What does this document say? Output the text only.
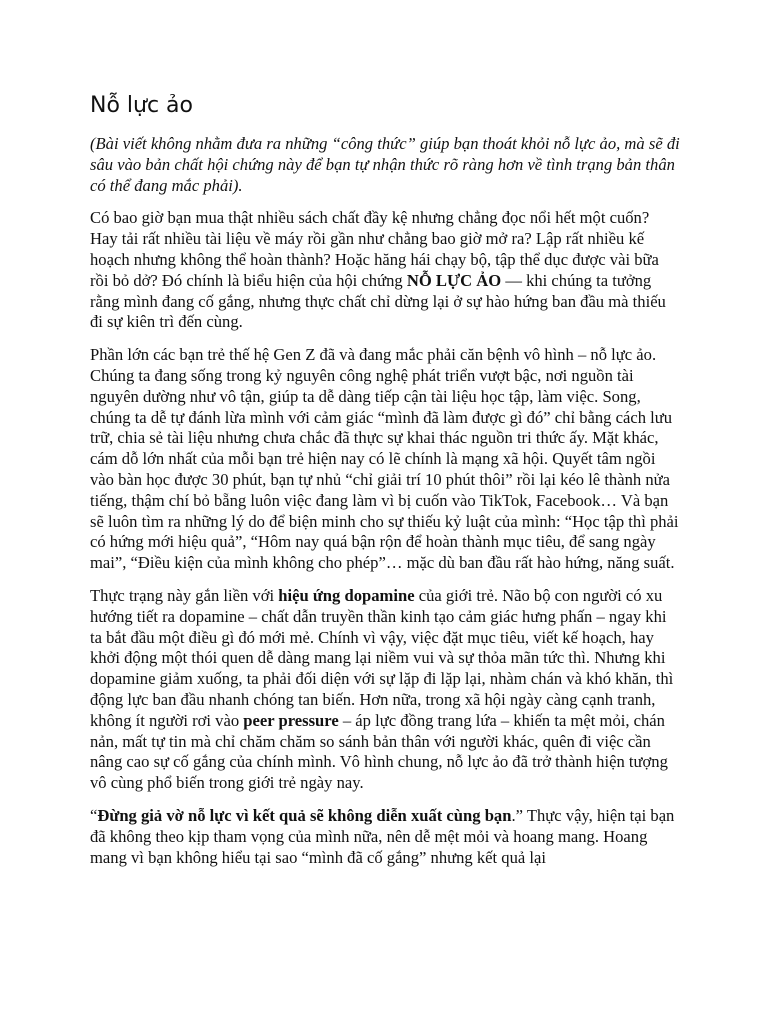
Nỗ lực ảo

(Bài viết không nhằm đưa ra những “công thức” giúp bạn thoát khỏi nỗ lực ảo, mà sẽ đi sâu vào bản chất hội chứng này để bạn tự nhận thức rõ ràng hơn về tình trạng bản thân có thể đang mắc phải).

Có bao giờ bạn mua thật nhiều sách chất đầy kệ nhưng chẳng đọc nổi hết một cuốn? Hay tải rất nhiều tài liệu về máy rồi gần như chẳng bao giờ mở ra? Lập rất nhiều kế hoạch nhưng không thể hoàn thành? Hoặc hăng hái chạy bộ, tập thể dục được vài bữa rồi bỏ dở? Đó chính là biểu hiện của hội chứng NỖ LỰC ẢO — khi chúng ta tưởng rằng mình đang cố gắng, nhưng thực chất chỉ dừng lại ở sự hào hứng ban đầu mà thiếu đi sự kiên trì đến cùng.

Phần lớn các bạn trẻ thế hệ Gen Z đã và đang mắc phải căn bệnh vô hình – nỗ lực ảo. Chúng ta đang sống trong kỷ nguyên công nghệ phát triển vượt bậc, nơi nguồn tài nguyên dường như vô tận, giúp ta dễ dàng tiếp cận tài liệu học tập, làm việc. Song, chúng ta dễ tự đánh lừa mình với cảm giác “mình đã làm được gì đó” chỉ bằng cách lưu trữ, chia sẻ tài liệu nhưng chưa chắc đã thực sự khai thác nguồn tri thức ấy. Mặt khác, cám dỗ lớn nhất của mỗi bạn trẻ hiện nay có lẽ chính là mạng xã hội. Quyết tâm ngồi vào bàn học được 30 phút, bạn tự nhủ “chỉ giải trí 10 phút thôi” rồi lại kéo lê thành nửa tiếng, thậm chí bỏ bẵng luôn việc đang làm vì bị cuốn vào TikTok, Facebook… Và bạn sẽ luôn tìm ra những lý do để biện minh cho sự thiếu kỷ luật của mình: “Học tập thì phải có hứng mới hiệu quả”, “Hôm nay quá bận rộn để hoàn thành mục tiêu, để sang ngày mai”, “Điều kiện của mình không cho phép”… mặc dù ban đầu rất hào hứng, năng suất.

Thực trạng này gắn liền với hiệu ứng dopamine của giới trẻ. Não bộ con người có xu hướng tiết ra dopamine – chất dẫn truyền thần kinh tạo cảm giác hưng phấn – ngay khi ta bắt đầu một điều gì đó mới mẻ. Chính vì vậy, việc đặt mục tiêu, viết kế hoạch, hay khởi động một thói quen dễ dàng mang lại niềm vui và sự thỏa mãn tức thì. Nhưng khi dopamine giảm xuống, ta phải đối diện với sự lặp đi lặp lại, nhàm chán và khó khăn, thì động lực ban đầu nhanh chóng tan biến. Hơn nữa, trong xã hội ngày càng cạnh tranh, không ít người rơi vào peer pressure – áp lực đồng trang lứa – khiến ta mệt mỏi, chán nản, mất tự tin mà chỉ chăm chăm so sánh bản thân với người khác, quên đi việc cần nâng cao sự cố gắng của chính mình. Vô hình chung, nỗ lực ảo đã trở thành hiện tượng vô cùng phổ biến trong giới trẻ ngày nay.

“Đừng giả vờ nỗ lực vì kết quả sẽ không diễn xuất cùng bạn.” Thực vậy, hiện tại bạn đã không theo kịp tham vọng của mình nữa, nên dễ mệt mỏi và hoang mang. Hoang mang vì bạn không hiểu tại sao “mình đã cố gắng” nhưng kết quả lại
